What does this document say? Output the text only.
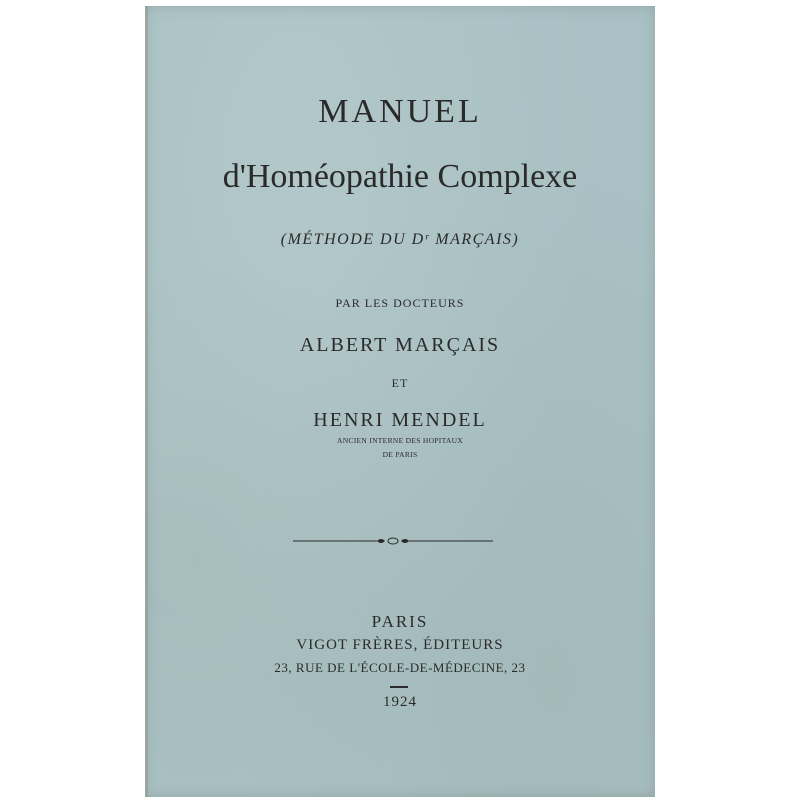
MANUEL
d'Homéopathie Complexe
(MÉTHODE DU Dʳ MARÇAIS)
PAR LES DOCTEURS
ALBERT MARÇAIS
ET
HENRI MENDEL
ANCIEN INTERNE DES HOPITAUX
DE PARIS
PARIS
VIGOT FRÈRES, ÉDITEURS
23, RUE DE L'ÉCOLE-DE-MÉDECINE, 23
1924
